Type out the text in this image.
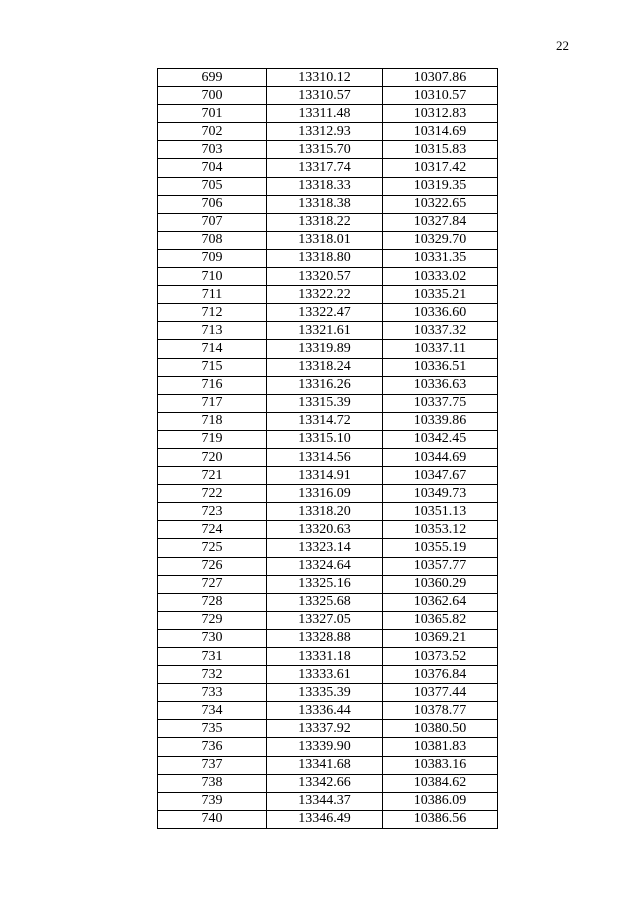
22
699	13310.12	10307.86
700	13310.57	10310.57
701	13311.48	10312.83
702	13312.93	10314.69
703	13315.70	10315.83
704	13317.74	10317.42
705	13318.33	10319.35
706	13318.38	10322.65
707	13318.22	10327.84
708	13318.01	10329.70
709	13318.80	10331.35
710	13320.57	10333.02
711	13322.22	10335.21
712	13322.47	10336.60
713	13321.61	10337.32
714	13319.89	10337.11
715	13318.24	10336.51
716	13316.26	10336.63
717	13315.39	10337.75
718	13314.72	10339.86
719	13315.10	10342.45
720	13314.56	10344.69
721	13314.91	10347.67
722	13316.09	10349.73
723	13318.20	10351.13
724	13320.63	10353.12
725	13323.14	10355.19
726	13324.64	10357.77
727	13325.16	10360.29
728	13325.68	10362.64
729	13327.05	10365.82
730	13328.88	10369.21
731	13331.18	10373.52
732	13333.61	10376.84
733	13335.39	10377.44
734	13336.44	10378.77
735	13337.92	10380.50
736	13339.90	10381.83
737	13341.68	10383.16
738	13342.66	10384.62
739	13344.37	10386.09
740	13346.49	10386.56
